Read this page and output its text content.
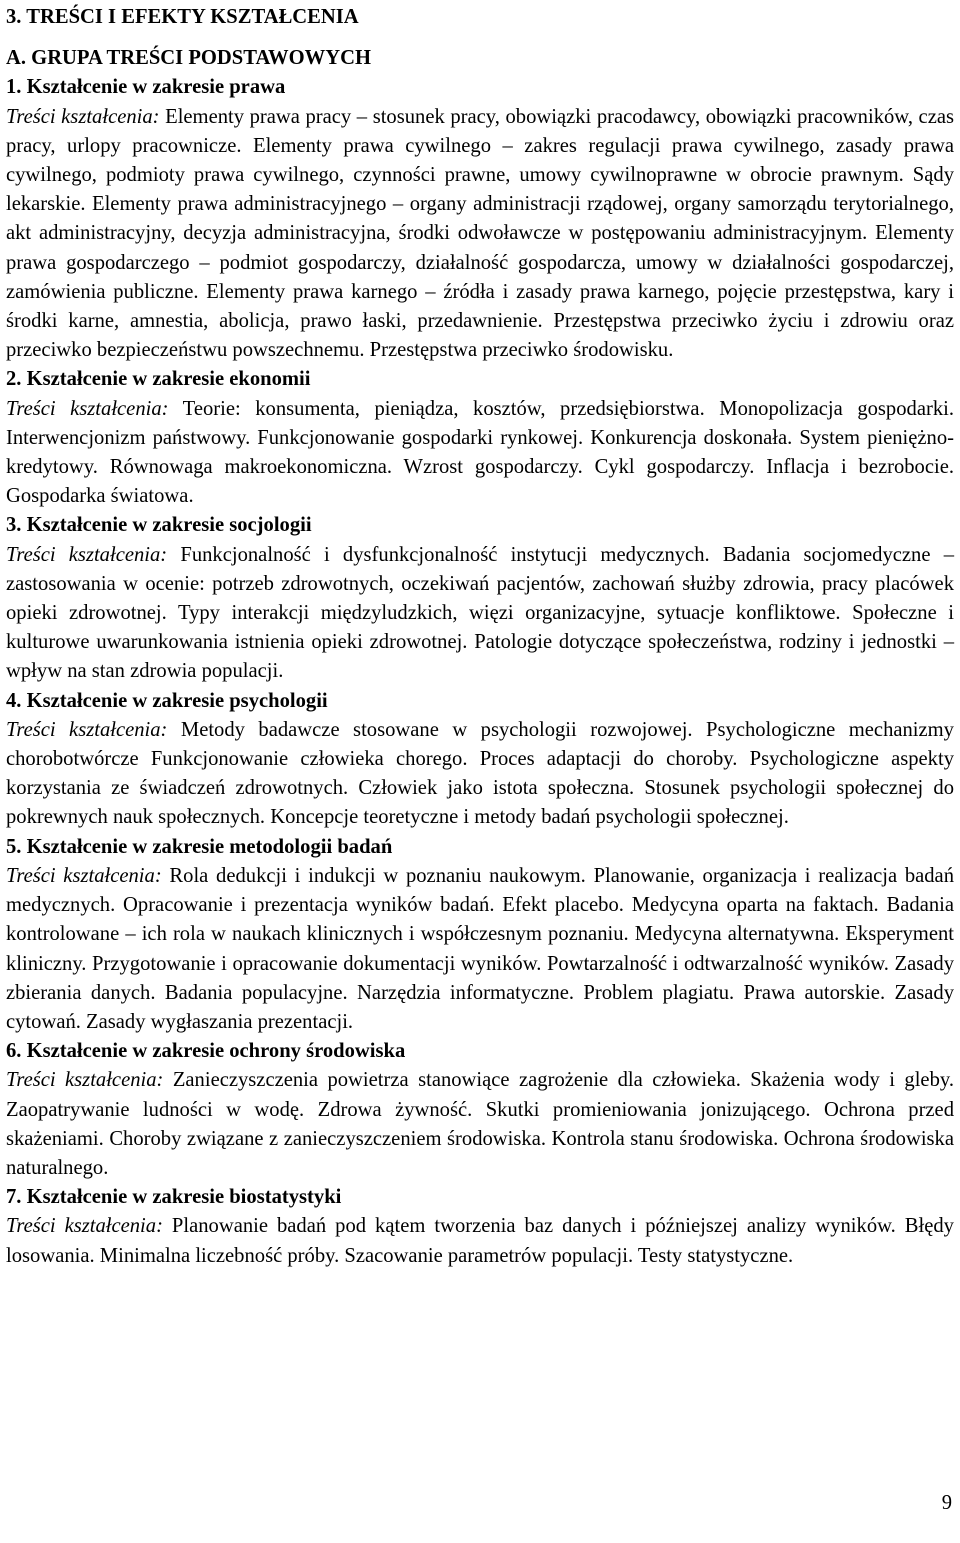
3. TREŚCI I EFEKTY KSZTAŁCENIA
A. GRUPA TREŚCI PODSTAWOWYCH
1. Kształcenie w zakresie prawa

Treści kształcenia: Elementy prawa pracy – stosunek pracy, obowiązki pracodawcy, obowiązki pracowników, czas pracy, urlopy pracownicze. Elementy prawa cywilnego – zakres regulacji prawa cywilnego, zasady prawa cywilnego, podmioty prawa cywilnego, czynności prawne, umowy cywilnoprawne w obrocie prawnym. Sądy lekarskie. Elementy prawa administracyjnego – organy administracji rządowej, organy samorządu terytorialnego, akt administracyjny, decyzja administracyjna, środki odwoławcze w postępowaniu administracyjnym. Elementy prawa gospodarczego – podmiot gospodarczy, działalność gospodarcza, umowy w działalności gospodarczej, zamówienia publiczne. Elementy prawa karnego – źródła i zasady prawa karnego, pojęcie przestępstwa, kary i środki karne, amnestia, abolicja, prawo łaski, przedawnienie. Przestępstwa przeciwko życiu i zdrowiu oraz przeciwko bezpieczeństwu powszechnemu. Przestępstwa przeciwko środowisku.

2. Kształcenie w zakresie ekonomii

Treści kształcenia: Teorie: konsumenta, pieniądza, kosztów, przedsiębiorstwa. Monopolizacja gospodarki. Interwencjonizm państwowy. Funkcjonowanie gospodarki rynkowej. Konkurencja doskonała. System pieniężno-kredytowy. Równowaga makroekonomiczna. Wzrost gospodarczy. Cykl gospodarczy. Inflacja i bezrobocie. Gospodarka światowa.

3. Kształcenie w zakresie socjologii

Treści kształcenia: Funkcjonalność i dysfunkcjonalność instytucji medycznych. Badania socjomedyczne – zastosowania w ocenie: potrzeb zdrowotnych, oczekiwań pacjentów, zachowań służby zdrowia, pracy placówek opieki zdrowotnej. Typy interakcji międzyludzkich, więzi organizacyjne, sytuacje konfliktowe. Społeczne i kulturowe uwarunkowania istnienia opieki zdrowotnej. Patologie dotyczące społeczeństwa, rodziny i jednostki – wpływ na stan zdrowia populacji.

4. Kształcenie w zakresie psychologii

Treści kształcenia: Metody badawcze stosowane w psychologii rozwojowej. Psychologiczne mechanizmy chorobotwórcze Funkcjonowanie człowieka chorego. Proces adaptacji do choroby. Psychologiczne aspekty korzystania ze świadczeń zdrowotnych. Człowiek jako istota społeczna. Stosunek psychologii społecznej do pokrewnych nauk społecznych. Koncepcje teoretyczne i metody badań psychologii społecznej.

5. Kształcenie w zakresie metodologii badań

Treści kształcenia: Rola dedukcji i indukcji w poznaniu naukowym. Planowanie, organizacja i realizacja badań medycznych. Opracowanie i prezentacja wyników badań. Efekt placebo. Medycyna oparta na faktach. Badania kontrolowane – ich rola w naukach klinicznych i współczesnym poznaniu. Medycyna alternatywna. Eksperyment kliniczny. Przygotowanie i opracowanie dokumentacji wyników. Powtarzalność i odtwarzalność wyników. Zasady zbierania danych. Badania populacyjne. Narzędzia informatyczne. Problem plagiatu. Prawa autorskie. Zasady cytowań. Zasady wygłaszania prezentacji.

6. Kształcenie w zakresie ochrony środowiska

Treści kształcenia: Zanieczyszczenia powietrza stanowiące zagrożenie dla człowieka. Skażenia wody i gleby. Zaopatrywanie ludności w wodę. Zdrowa żywność. Skutki promieniowania jonizującego. Ochrona przed skażeniami. Choroby związane z zanieczyszczeniem środowiska. Kontrola stanu środowiska. Ochrona środowiska naturalnego.

7. Kształcenie w zakresie biostatystyki

Treści kształcenia: Planowanie badań pod kątem tworzenia baz danych i późniejszej analizy wyników. Błędy losowania. Minimalna liczebność próby. Szacowanie parametrów populacji. Testy statystyczne.

9
